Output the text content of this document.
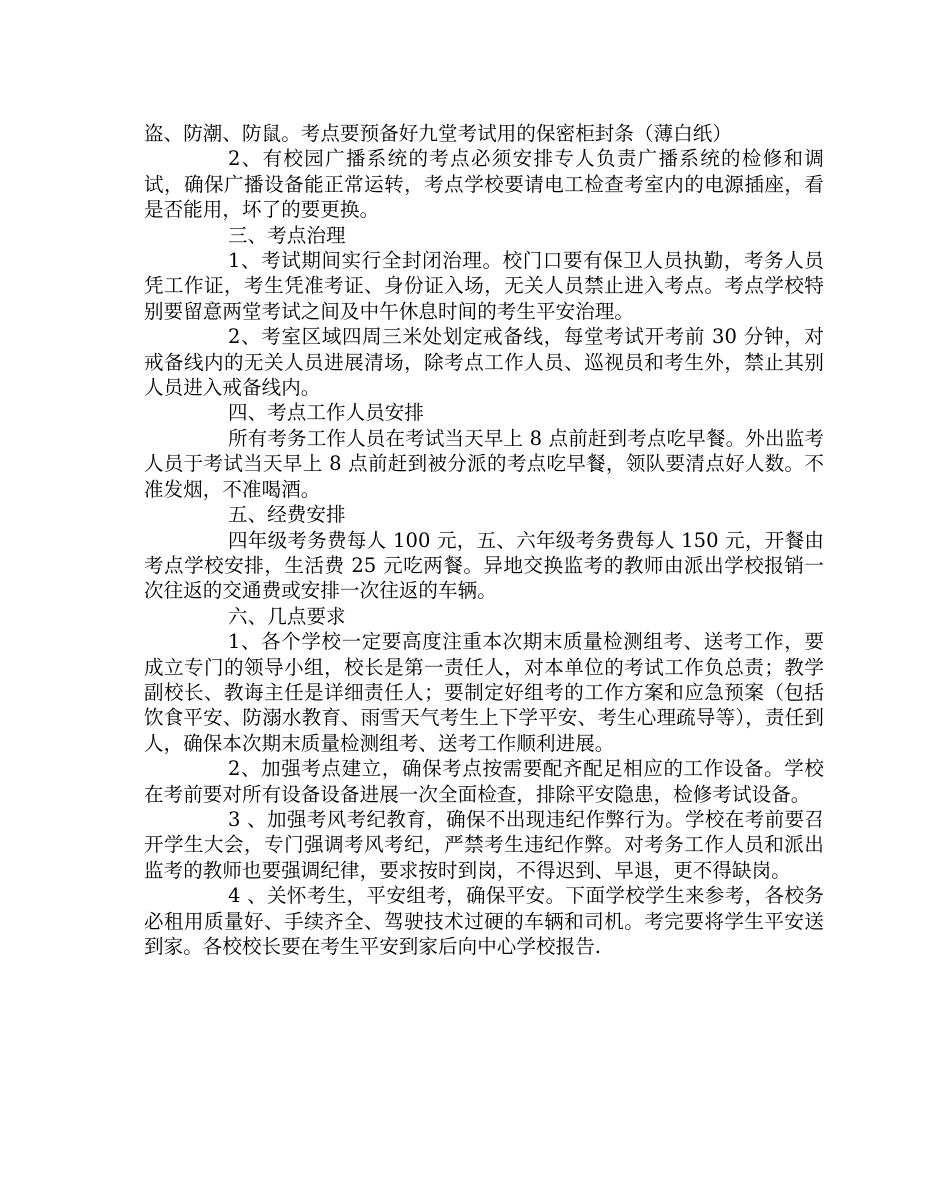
盗、防潮、防鼠。考点要预备好九堂考试用的保密柜封条（薄白纸）

2、有校园广播系统的考点必须安排专人负责广播系统的检修和调试，确保广播设备能正常运转，考点学校要请电工检查考室内的电源插座，看是否能用，坏了的要更换。

三、考点治理

1、考试期间实行全封闭治理。校门口要有保卫人员执勤，考务人员凭工作证，考生凭准考证、身份证入场，无关人员禁止进入考点。考点学校特别要留意两堂考试之间及中午休息时间的考生平安治理。

2、考室区域四周三米处划定戒备线，每堂考试开考前 30 分钟，对戒备线内的无关人员进展清场，除考点工作人员、巡视员和考生外，禁止其别人员进入戒备线内。

四、考点工作人员安排

所有考务工作人员在考试当天早上 8 点前赶到考点吃早餐。外出监考人员于考试当天早上 8 点前赶到被分派的考点吃早餐，领队要清点好人数。不准发烟，不准喝酒。

五、经费安排

四年级考务费每人 100 元，五、六年级考务费每人 150 元，开餐由考点学校安排，生活费 25 元吃两餐。异地交换监考的教师由派出学校报销一次往返的交通费或安排一次往返的车辆。

六、几点要求

1、各个学校一定要高度注重本次期末质量检测组考、送考工作，要成立专门的领导小组，校长是第一责任人，对本单位的考试工作负总责；教学副校长、教诲主任是详细责任人；要制定好组考的工作方案和应急预案（包括饮食平安、防溺水教育、雨雪天气考生上下学平安、考生心理疏导等），责任到人，确保本次期末质量检测组考、送考工作顺利进展。

2、加强考点建立，确保考点按需要配齐配足相应的工作设备。学校在考前要对所有设备设备进展一次全面检查，排除平安隐患，检修考试设备。

3 、加强考风考纪教育，确保不出现违纪作弊行为。学校在考前要召开学生大会，专门强调考风考纪，严禁考生违纪作弊。对考务工作人员和派出监考的教师也要强调纪律，要求按时到岗，不得迟到、早退，更不得缺岗。

4 、关怀考生，平安组考，确保平安。下面学校学生来参考，各校务必租用质量好、手续齐全、驾驶技术过硬的车辆和司机。考完要将学生平安送到家。各校校长要在考生平安到家后向中心学校报告.
